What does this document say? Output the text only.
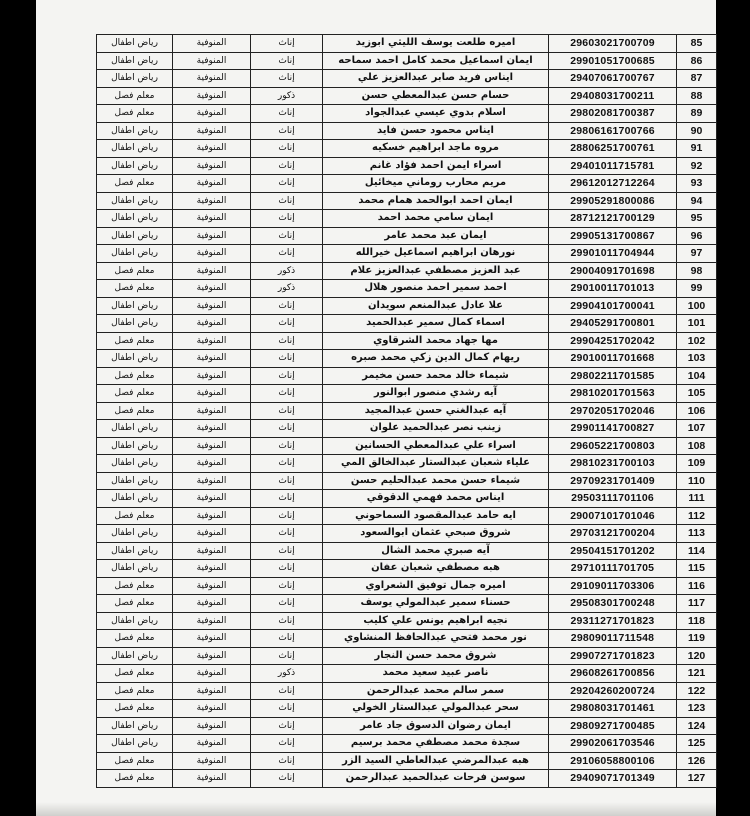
85	29603021700709	اميره طلعت يوسف الليثي ابوزيد	إناث	المنوفية	رياض اطفال
86	29901051700685	ايمان اسماعيل محمد كامل احمد سماحه	إناث	المنوفية	رياض اطفال
87	29407061700767	ايناس فريد صابر عبدالعزيز علي	إناث	المنوفية	رياض اطفال
88	29408031700211	حسام حسن عبدالمعطي حسن	ذكور	المنوفية	معلم فصل
89	29802081700387	اسلام بدوي عيسي عبدالجواد	إناث	المنوفية	معلم فصل
90	29806161700766	ايناس محمود حسن فايد	إناث	المنوفية	رياض اطفال
91	28806251700761	مروه ماجد ابراهيم خسكيه	إناث	المنوفية	رياض اطفال
92	29401011715781	اسراء ايمن احمد فؤاد غانم	إناث	المنوفية	رياض اطفال
93	29612012712264	مريم محارب روماني ميخائيل	إناث	المنوفية	معلم فصل
94	29905291800086	ايمان احمد ابوالحمد همام محمد	إناث	المنوفية	رياض اطفال
95	28712121700129	ايمان سامي محمد احمد	إناث	المنوفية	رياض اطفال
96	29905131700867	ايمان عبد محمد عامر	إناث	المنوفية	رياض اطفال
97	29901011704944	نورهان ابراهيم اسماعيل خيرالله	إناث	المنوفية	رياض اطفال
98	29004091701698	عبد العزيز مصطفي عبدالعزيز علام	ذكور	المنوفية	معلم فصل
99	29010011701013	احمد سمير احمد منصور هلال	ذكور	المنوفية	معلم فصل
100	29904101700041	علا عادل عبدالمنعم سويدان	إناث	المنوفية	رياض اطفال
101	29405291700801	اسماء كمال سمير عبدالحميد	إناث	المنوفية	رياض اطفال
102	29904251702042	مها جهاد محمد الشرقاوي	إناث	المنوفية	معلم فصل
103	29010011701668	ريهام كمال الدين زكي محمد صبره	إناث	المنوفية	رياض اطفال
104	29802211701585	شيماء خالد محمد حسن مخيمر	إناث	المنوفية	معلم فصل
105	29810201701563	آيه رشدي منصور ابوالنور	إناث	المنوفية	معلم فصل
106	29702051702046	آيه عبدالغني حسن عبدالمجيد	إناث	المنوفية	معلم فصل
107	29901141700827	زينب نصر عبدالحميد علوان	إناث	المنوفية	رياض اطفال
108	29605221700803	اسراء علي عبدالمعطي الحسانين	إناث	المنوفية	رياض اطفال
109	29810231700103	علياء شعبان عبدالستار عبدالخالق المي	إناث	المنوفية	رياض اطفال
110	29709231701409	شيماء حسن محمد عبدالحليم حسن	إناث	المنوفية	رياض اطفال
111	29503111701106	ايناس محمد فهمي الدقوقي	إناث	المنوفية	رياض اطفال
112	29007101701046	ايه حامد عبدالمقصود السماحوني	إناث	المنوفية	معلم فصل
113	29703121700204	شروق صبحي عثمان ابوالسعود	إناث	المنوفية	رياض اطفال
114	29504151701202	آيه صبري محمد الشال	إناث	المنوفية	رياض اطفال
115	29710111701705	هبه مصطفي شعبان عفان	إناث	المنوفية	رياض اطفال
116	29109011703306	اميره جمال توفيق الشعراوي	إناث	المنوفية	معلم فصل
117	29508301700248	حسناء سمير عبدالمولي يوسف	إناث	المنوفية	معلم فصل
118	29311271701823	نجيه ابراهيم يونس علي كليب	إناث	المنوفية	رياض اطفال
119	29809011711548	نور محمد فتحي عبدالحافظ المنشاوي	إناث	المنوفية	معلم فصل
120	29907271701823	شروق محمد حسن النجار	إناث	المنوفية	رياض اطفال
121	29608261700856	ناصر عبيد سعيد محمد	ذكور	المنوفية	معلم فصل
122	29204260200724	سمر سالم محمد عبدالرحمن	إناث	المنوفية	معلم فصل
123	29808031701461	سحر عبدالمولي عبدالستار الخولي	إناث	المنوفية	معلم فصل
124	29809271700485	ايمان رضوان الدسوق جاد عامر	إناث	المنوفية	رياض اطفال
125	29902061703546	سجدة محمد مصطفي محمد برسيم	إناث	المنوفية	رياض اطفال
126	29106058800106	هبه عبدالمرضي عبدالعاطي السيد الزر	إناث	المنوفية	معلم فصل
127	29409071701349	سوسن فرحات عبدالحميد عبدالرحمن	إناث	المنوفية	معلم فصل
